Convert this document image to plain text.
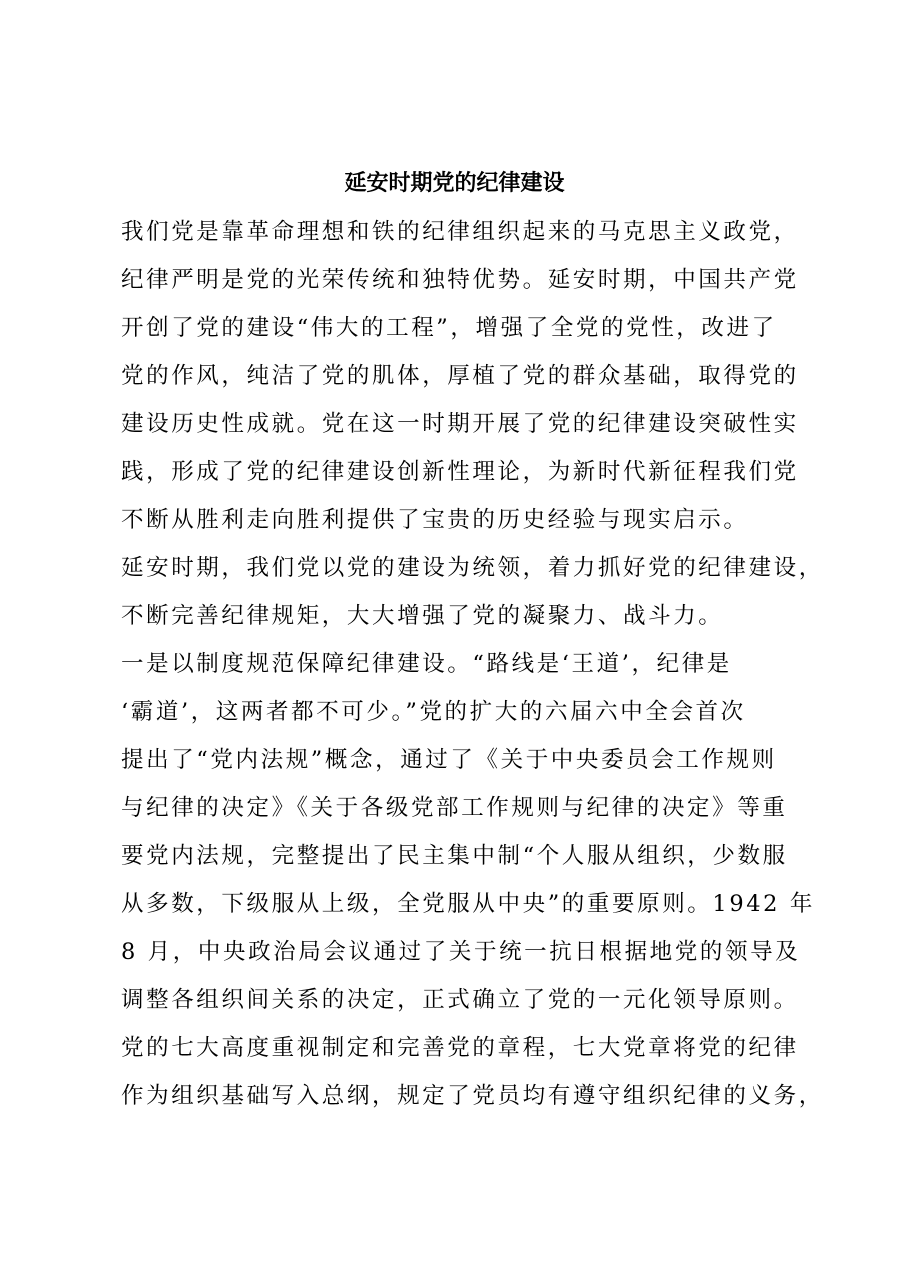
延安时期党的纪律建设
我们党是靠革命理想和铁的纪律组织起来的马克思主义政党，
纪律严明是党的光荣传统和独特优势。延安时期，中国共产党
开创了党的建设“伟大的工程”，增强了全党的党性，改进了
党的作风，纯洁了党的肌体，厚植了党的群众基础，取得党的
建设历史性成就。党在这一时期开展了党的纪律建设突破性实
践，形成了党的纪律建设创新性理论，为新时代新征程我们党
不断从胜利走向胜利提供了宝贵的历史经验与现实启示。
延安时期，我们党以党的建设为统领，着力抓好党的纪律建设，
不断完善纪律规矩，大大增强了党的凝聚力、战斗力。
一是以制度规范保障纪律建设。“路线是‘王道’，纪律是
‘霸道’，这两者都不可少。”党的扩大的六届六中全会首次
提出了“党内法规”概念，通过了《关于中央委员会工作规则
与纪律的决定》《关于各级党部工作规则与纪律的决定》等重
要党内法规，完整提出了民主集中制“个人服从组织，少数服
从多数，下级服从上级，全党服从中央”的重要原则。1942 年
8 月，中央政治局会议通过了关于统一抗日根据地党的领导及
调整各组织间关系的决定，正式确立了党的一元化领导原则。
党的七大高度重视制定和完善党的章程，七大党章将党的纪律
作为组织基础写入总纲，规定了党员均有遵守组织纪律的义务，
